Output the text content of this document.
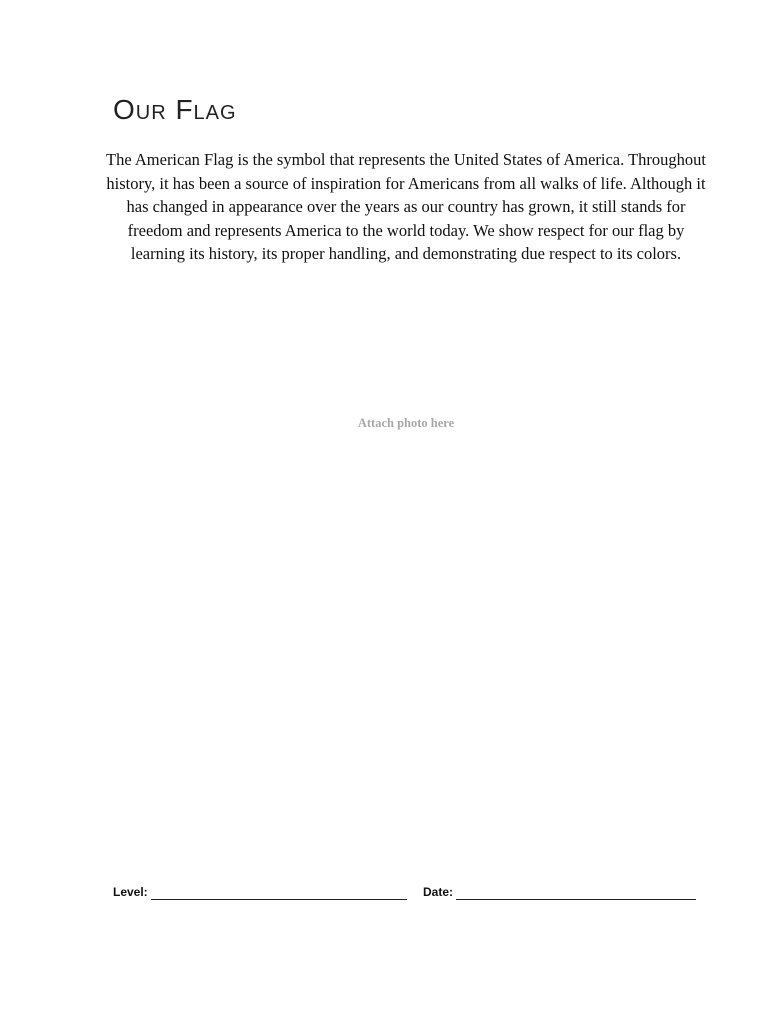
Our Flag

The American Flag is the symbol that represents the United States of America. Throughout history, it has been a source of inspiration for Americans from all walks of life. Although it has changed in appearance over the years as our country has grown, it still stands for freedom and represents America to the world today. We show respect for our flag by learning its history, its proper handling, and demonstrating due respect to its colors.

Attach photo here
Level:	Date:
